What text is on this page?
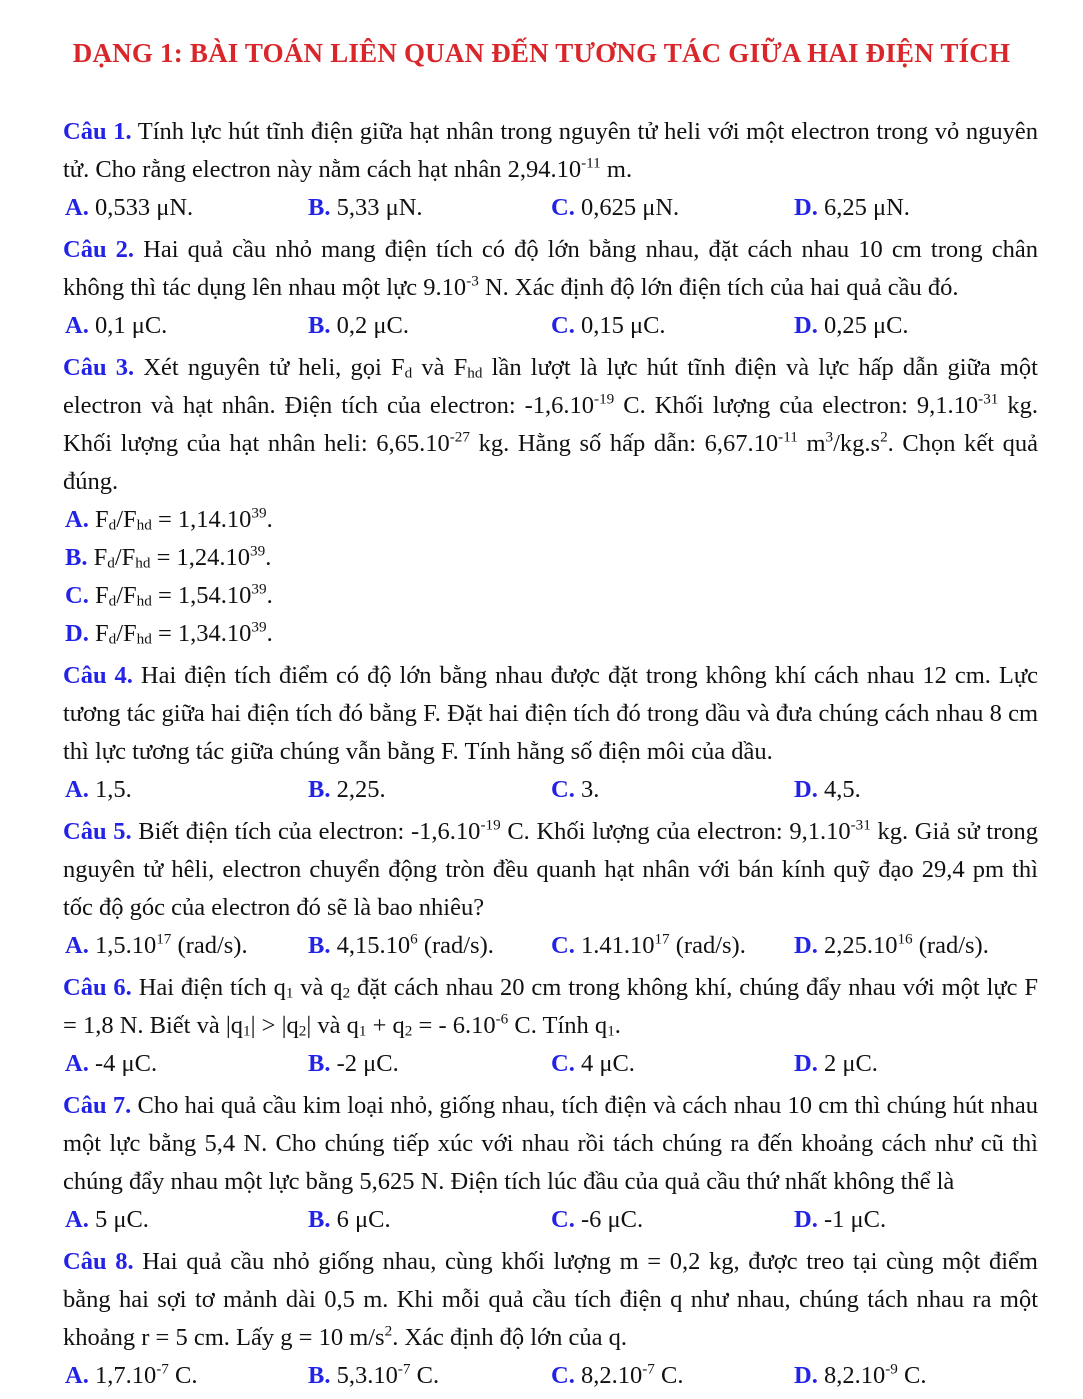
DẠNG 1: BÀI TOÁN LIÊN QUAN ĐẾN TƯƠNG TÁC GIỮA HAI ĐIỆN TÍCH
Câu 1. Tính lực hút tĩnh điện giữa hạt nhân trong nguyên tử heli với một electron trong vỏ nguyên tử. Cho rằng electron này nằm cách hạt nhân $2,94.10^{-11}$ m.
A. 0,533 μN.	B. 5,33 μN.	C. 0,625 μN.	D. 6,25 μN.
Câu 2. Hai quả cầu nhỏ mang điện tích có độ lớn bằng nhau, đặt cách nhau 10 cm trong chân không thì tác dụng lên nhau một lực $9.10^{-3}$ N. Xác định độ lớn điện tích của hai quả cầu đó.
A. 0,1 μC.	B. 0,2 μC.	C. 0,15 μC.	D. 0,25 μC.
Câu 3. Xét nguyên tử heli, gọi $F_d$ và $F_{hd}$ lần lượt là lực hút tĩnh điện và lực hấp dẫn giữa một electron và hạt nhân. Điện tích của electron: $-1,6.10^{-19}$ C. Khối lượng của electron: $9,1.10^{-31}$ kg. Khối lượng của hạt nhân heli: $6,65.10^{-27}$ kg. Hằng số hấp dẫn: $6,67.10^{-11}$ $m^3/kg.s^2$. Chọn kết quả đúng.
A. $F_d/F_{hd} = 1,14.10^{39}$.
B. $F_d/F_{hd} = 1,24.10^{39}$.
C. $F_d/F_{hd} = 1,54.10^{39}$.
D. $F_d/F_{hd} = 1,34.10^{39}$.
Câu 4. Hai điện tích điểm có độ lớn bằng nhau được đặt trong không khí cách nhau 12 cm. Lực tương tác giữa hai điện tích đó bằng F. Đặt hai điện tích đó trong dầu và đưa chúng cách nhau 8 cm thì lực tương tác giữa chúng vẫn bằng F. Tính hằng số điện môi của dầu.
A. 1,5.	B. 2,25.	C. 3.	D. 4,5.
Câu 5. Biết điện tích của electron: $-1,6.10^{-19}$ C. Khối lượng của electron: $9,1.10^{-31}$ kg. Giả sử trong nguyên tử hêli, electron chuyển động tròn đều quanh hạt nhân với bán kính quỹ đạo 29,4 pm thì tốc độ góc của electron đó sẽ là bao nhiêu?
A. 1,5.10$^{17}$ (rad/s).	B. 4,15.10$^6$ (rad/s).	C. 1.41.10$^{17}$ (rad/s).	D. 2,25.10$^{16}$ (rad/s).
Câu 6. Hai điện tích $q_1$ và $q_2$ đặt cách nhau 20 cm trong không khí, chúng đẩy nhau với một lực F = 1,8 N. Biết và $|q_1| > |q_2|$ và $q_1 + q_2$ = - $6.10^{-6}$ C. Tính $q_1$.
A. -4 μC.	B. -2 μC.	C. 4 μC.	D. 2 μC.
Câu 7. Cho hai quả cầu kim loại nhỏ, giống nhau, tích điện và cách nhau 10 cm thì chúng hút nhau một lực bằng 5,4 N. Cho chúng tiếp xúc với nhau rồi tách chúng ra đến khoảng cách như cũ thì chúng đẩy nhau một lực bằng 5,625 N. Điện tích lúc đầu của quả cầu thứ nhất không thể là
A. 5 μC.	B. 6 μC.	C. -6 μC.	D. -1 μC.
Câu 8. Hai quả cầu nhỏ giống nhau, cùng khối lượng m = 0,2 kg, được treo tại cùng một điểm bằng hai sợi tơ mảnh dài 0,5 m. Khi mỗi quả cầu tích điện q như nhau, chúng tách nhau ra một khoảng r = 5 cm. Lấy g = 10 $m/s^2$. Xác định độ lớn của q.
A. $1,7.10^{-7}$ C.	B. $5,3.10^{-7}$ C.	C. $8,2.10^{-7}$ C.	D. $8,2.10^{-9}$ C.
